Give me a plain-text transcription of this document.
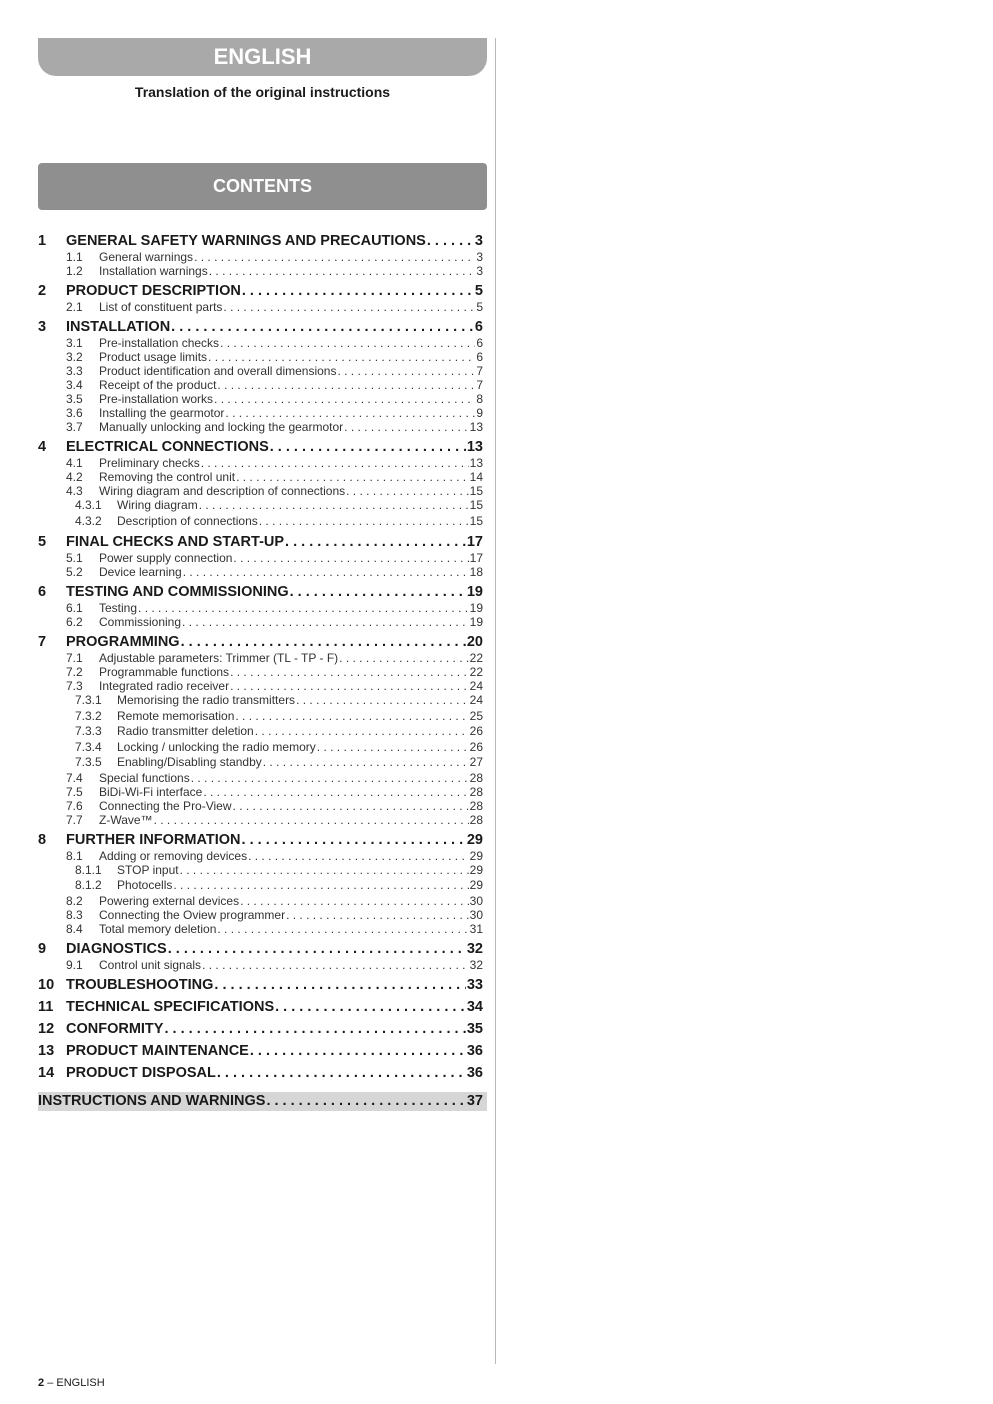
ENGLISH
Translation of the original instructions
CONTENTS
1	GENERAL SAFETY WARNINGS AND PRECAUTIONS . . .	3
1.1	General warnings . . .	3
1.2	Installation warnings . . .	3
2	PRODUCT DESCRIPTION . . .	5
2.1	List of constituent parts . . .	5
3	INSTALLATION . . .	6
3.1	Pre-installation checks . . .	6
3.2	Product usage limits . . .	6
3.3	Product identification and overall dimensions . . .	7
3.4	Receipt of the product . . .	7
3.5	Pre-installation works . . .	8
3.6	Installing the gearmotor . . .	9
3.7	Manually unlocking and locking the gearmotor . . .	13
4	ELECTRICAL CONNECTIONS . . .	13
4.1	Preliminary checks . . .	13
4.2	Removing the control unit . . .	14
4.3	Wiring diagram and description of connections . . .	15
4.3.1	Wiring diagram . . .	15
4.3.2	Description of connections . . .	15
5	FINAL CHECKS AND START-UP . . .	17
5.1	Power supply connection . . .	17
5.2	Device learning . . .	18
6	TESTING AND COMMISSIONING . . .	19
6.1	Testing . . .	19
6.2	Commissioning . . .	19
7	PROGRAMMING . . .	20
7.1	Adjustable parameters: Trimmer (TL - TP - F) . . .	22
7.2	Programmable functions . . .	22
7.3	Integrated radio receiver . . .	24
7.3.1	Memorising the radio transmitters . . .	24
7.3.2	Remote memorisation . . .	25
7.3.3	Radio transmitter deletion . . .	26
7.3.4	Locking / unlocking the radio memory . . .	26
7.3.5	Enabling/Disabling standby . . .	27
7.4	Special functions . . .	28
7.5	BiDi-Wi-Fi interface . . .	28
7.6	Connecting the Pro-View . . .	28
7.7	Z-Wave™ . . .	28
8	FURTHER INFORMATION . . .	29
8.1	Adding or removing devices . . .	29
8.1.1	STOP input . . .	29
8.1.2	Photocells . . .	29
8.2	Powering external devices . . .	30
8.3	Connecting the Oview programmer . . .	30
8.4	Total memory deletion . . .	31
9	DIAGNOSTICS . . .	32
9.1	Control unit signals . . .	32
10 TROUBLESHOOTING . . .	33
11 TECHNICAL SPECIFICATIONS . . .	34
12 CONFORMITY . . .	35
13 PRODUCT MAINTENANCE . . .	36
14 PRODUCT DISPOSAL . . .	36
INSTRUCTIONS AND WARNINGS . . .	37
2 – ENGLISH
